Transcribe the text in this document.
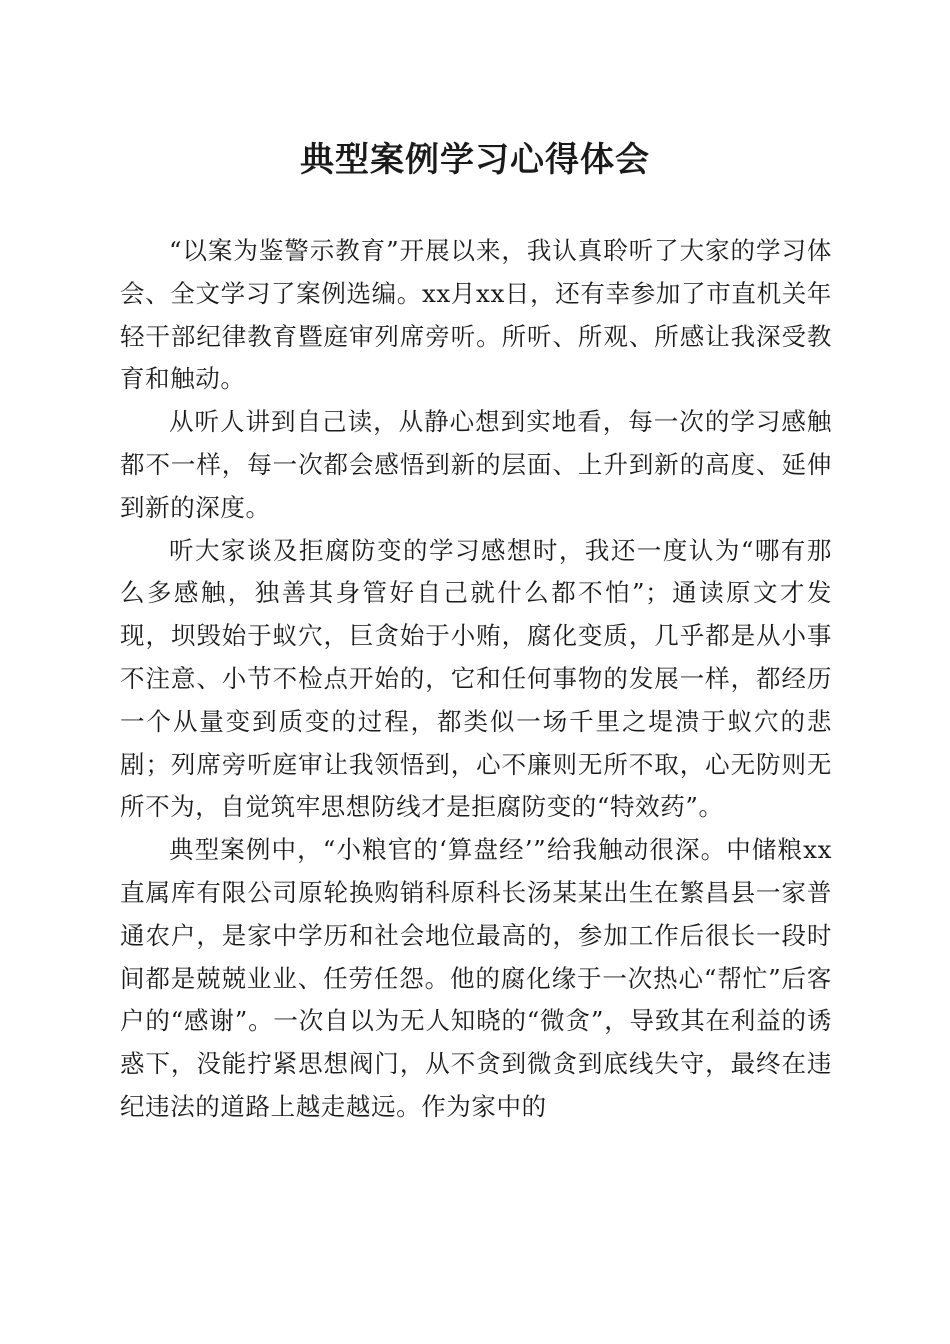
典型案例学习心得体会

“以案为鉴警示教育”开展以来，我认真聆听了大家的学习体会、全文学习了案例选编。xx月xx日，还有幸参加了市直机关年轻干部纪律教育暨庭审列席旁听。所听、所观、所感让我深受教育和触动。

从听人讲到自己读，从静心想到实地看，每一次的学习感触都不一样，每一次都会感悟到新的层面、上升到新的高度、延伸到新的深度。

听大家谈及拒腐防变的学习感想时，我还一度认为“哪有那么多感触，独善其身管好自己就什么都不怕”；通读原文才发现，坝毁始于蚁穴，巨贪始于小贿，腐化变质，几乎都是从小事不注意、小节不检点开始的，它和任何事物的发展一样，都经历一个从量变到质变的过程，都类似一场千里之堤溃于蚁穴的悲剧；列席旁听庭审让我领悟到，心不廉则无所不取，心无防则无所不为，自觉筑牢思想防线才是拒腐防变的“特效药”。

典型案例中，“小粮官的‘算盘经’”给我触动很深。中储粮xx直属库有限公司原轮换购销科原科长汤某某出生在繁昌县一家普通农户，是家中学历和社会地位最高的，参加工作后很长一段时间都是兢兢业业、任劳任怨。他的腐化缘于一次热心“帮忙”后客户的“感谢”。一次自以为无人知晓的“微贪”，导致其在利益的诱惑下，没能拧紧思想阀门，从不贪到微贪到底线失守，最终在违纪违法的道路上越走越远。作为家中的
